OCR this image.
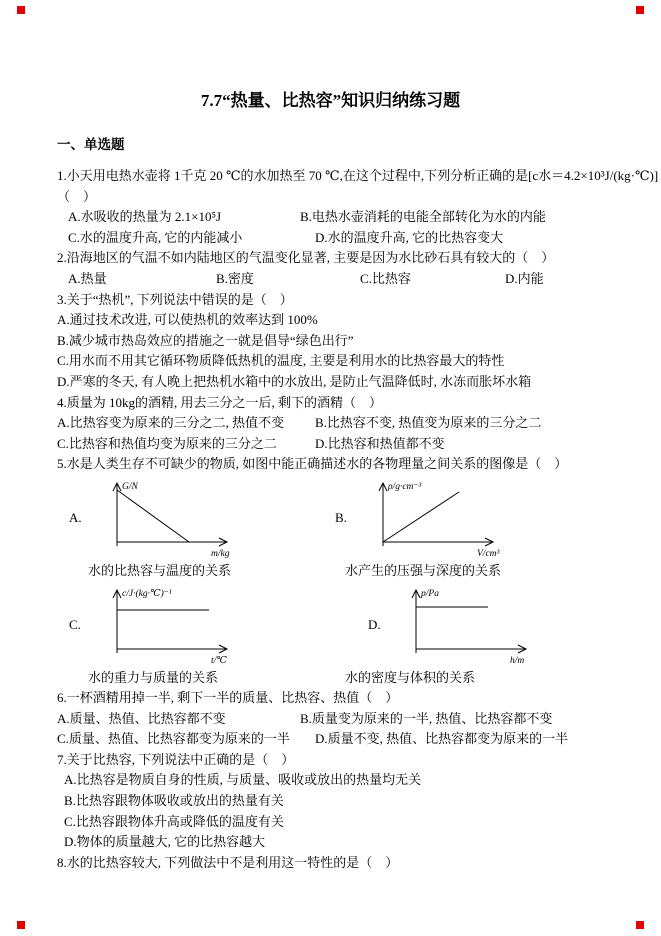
7.7“热量、比热容”知识归纳练习题
一、单选题
1.小天用电热水壶将 1千克 20 ℃的水加热至 70 ℃,在这个过程中,下列分析正确的是[c水＝4.2×10³J/(kg·℃)]
（　）
A.水吸收的热量为 2.1×10⁵J	B.电热水壶消耗的电能全部转化为水的内能
C.水的温度升高, 它的内能减小	D.水的温度升高, 它的比热容变大
2.沿海地区的气温不如内陆地区的气温变化显著, 主要是因为水比砂石具有较大的（　）
A.热量	B.密度	C.比热容	D.内能
3.关于“热机”, 下列说法中错误的是（　）
A.通过技术改进, 可以使热机的效率达到 100%
B.减少城市热岛效应的措施之一就是倡导“绿色出行”
C.用水而不用其它循环物质降低热机的温度, 主要是利用水的比热容最大的特性
D.严寒的冬天, 有人晚上把热机水箱中的水放出, 是防止气温降低时, 水冻而胀坏水箱
4.质量为 10kg的酒精, 用去三分之一后, 剩下的酒精（　）
A.比热容变为原来的三分之二, 热值不变	B.比热容不变, 热值变为原来的三分之二
C.比热容和热值均变为原来的三分之二	D.比热容和热值都不变
5.水是人类生存不可缺少的物质, 如图中能正确描述水的各物理量之间关系的图像是（　）
A.
G/N
m/kg
B.
ρ/g·cm⁻³
V/cm³
水的比热容与温度的关系	水产生的压强与深度的关系
C.
c/J·(kg·℃)⁻¹
t/℃
D.
p/Pa
h/m
水的重力与质量的关系	水的密度与体积的关系
6.一杯酒精用掉一半, 剩下一半的质量、比热容、热值（　）
A.质量、热值、比热容都不变	B.质量变为原来的一半, 热值、比热容都不变
C.质量、热值、比热容都变为原来的一半	D.质量不变, 热值、比热容都变为原来的一半
7.关于比热容, 下列说法中正确的是（　）
A.比热容是物质自身的性质, 与质量、吸收或放出的热量均无关
B.比热容跟物体吸收或放出的热量有关
C.比热容跟物体升高或降低的温度有关
D.物体的质量越大, 它的比热容越大
8.水的比热容较大, 下列做法中不是利用这一特性的是（　）
